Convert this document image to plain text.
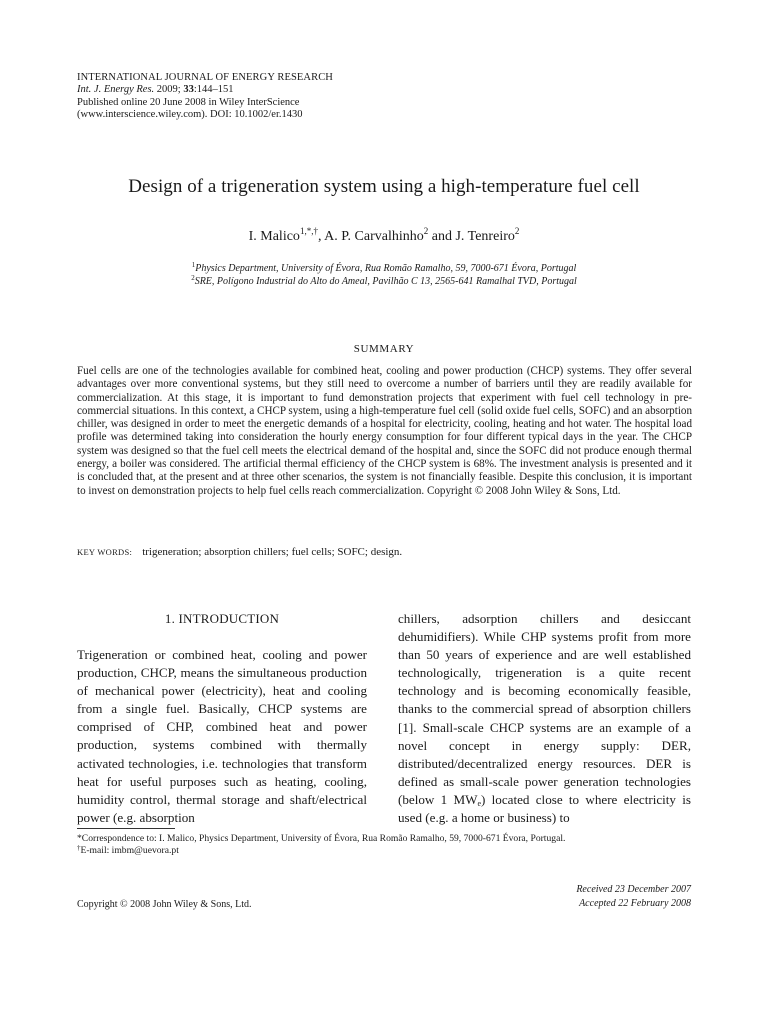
INTERNATIONAL JOURNAL OF ENERGY RESEARCH
Int. J. Energy Res. 2009; 33:144–151
Published online 20 June 2008 in Wiley InterScience
(www.interscience.wiley.com). DOI: 10.1002/er.1430
Design of a trigeneration system using a high-temperature fuel cell
I. Malico$^{1,*,\dagger}$, A. P. Carvalhinho$^2$ and J. Tenreiro$^2$
$^1$Physics Department, University of Évora, Rua Romão Ramalho, 59, 7000-671 Évora, Portugal
$^2$SRE, Polígono Industrial do Alto do Ameal, Pavilhão C 13, 2565-641 Ramalhal TVD, Portugal
SUMMARY
Fuel cells are one of the technologies available for combined heat, cooling and power production (CHCP) systems. They offer several advantages over more conventional systems, but they still need to overcome a number of barriers until they are readily available for commercialization. At this stage, it is important to fund demonstration projects that experiment with fuel cell technology in pre-commercial situations. In this context, a CHCP system, using a high-temperature fuel cell (solid oxide fuel cells, SOFC) and an absorption chiller, was designed in order to meet the energetic demands of a hospital for electricity, cooling, heating and hot water. The hospital load profile was determined taking into consideration the hourly energy consumption for four different typical days in the year. The CHCP system was designed so that the fuel cell meets the electrical demand of the hospital and, since the SOFC did not produce enough thermal energy, a boiler was considered. The artificial thermal efficiency of the CHCP system is 68%. The investment analysis is presented and it is concluded that, at the present and at three other scenarios, the system is not financially feasible. Despite this conclusion, it is important to invest on demonstration projects to help fuel cells reach commercialization. Copyright © 2008 John Wiley & Sons, Ltd.
KEY WORDS: trigeneration; absorption chillers; fuel cells; SOFC; design.
1. INTRODUCTION
Trigeneration or combined heat, cooling and power production, CHCP, means the simultaneous production of mechanical power (electricity), heat and cooling from a single fuel. Basically, CHCP systems are comprised of CHP, combined heat and power production, systems combined with thermally activated technologies, i.e. technologies that transform heat for useful purposes such as heating, cooling, humidity control, thermal storage and shaft/electrical power (e.g. absorption
chillers, adsorption chillers and desiccant dehumidifiers). While CHP systems profit from more than 50 years of experience and are well established technologically, trigeneration is a quite recent technology and is becoming economically feasible, thanks to the commercial spread of absorption chillers [1]. Small-scale CHCP systems are an example of a novel concept in energy supply: DER, distributed/decentralized energy resources. DER is defined as small-scale power generation technologies (below 1 $MW_e$) located close to where electricity is used (e.g. a home or business) to
*Correspondence to: I. Malico, Physics Department, University of Évora, Rua Romão Ramalho, 59, 7000-671 Évora, Portugal.
†E-mail: imbm@uevora.pt
Received 23 December 2007
Accepted 22 February 2008
Copyright © 2008 John Wiley & Sons, Ltd.
